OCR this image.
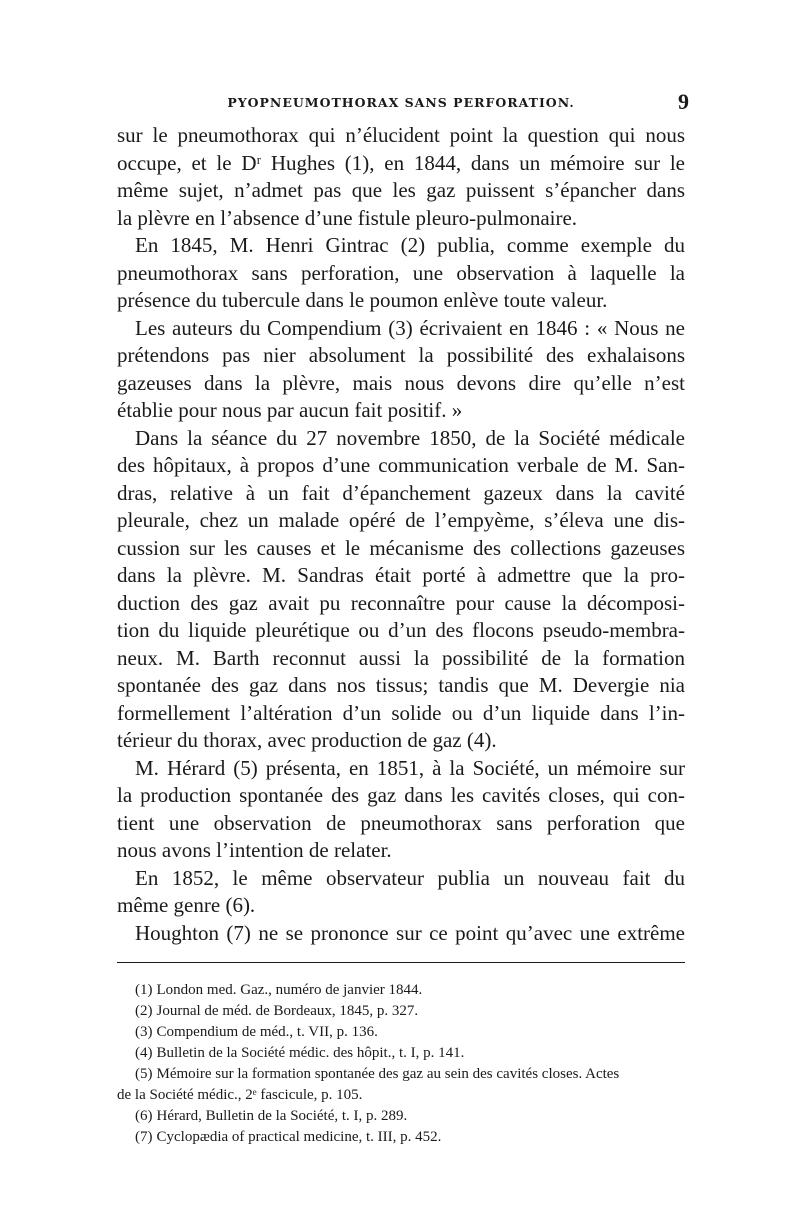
PYOPNEUMOTHORAX SANS PERFORATION.	9
sur le pneumothorax qui n’élucident point la question qui nous
occupe, et le Dʳ Hughes (1), en 1844, dans un mémoire sur le
même sujet, n’admet pas que les gaz puissent s’épancher dans
la plèvre en l’absence d’une fistule pleuro-pulmonaire.
En 1845, M. Henri Gintrac (2) publia, comme exemple du
pneumothorax sans perforation, une observation à laquelle la
présence du tubercule dans le poumon enlève toute valeur.
Les auteurs du Compendium (3) écrivaient en 1846 : « Nous ne
prétendons pas nier absolument la possibilité des exhalaisons
gazeuses dans la plèvre, mais nous devons dire qu’elle n’est
établie pour nous par aucun fait positif. »
Dans la séance du 27 novembre 1850, de la Société médicale
des hôpitaux, à propos d’une communication verbale de M. San-
dras, relative à un fait d’épanchement gazeux dans la cavité
pleurale, chez un malade opéré de l’empyème, s’éleva une dis-
cussion sur les causes et le mécanisme des collections gazeuses
dans la plèvre. M. Sandras était porté à admettre que la pro-
duction des gaz avait pu reconnaître pour cause la décomposi-
tion du liquide pleurétique ou d’un des flocons pseudo-membra-
neux. M. Barth reconnut aussi la possibilité de la formation
spontanée des gaz dans nos tissus; tandis que M. Devergie nia
formellement l’altération d’un solide ou d’un liquide dans l’in-
térieur du thorax, avec production de gaz (4).
M. Hérard (5) présenta, en 1851, à la Société, un mémoire sur
la production spontanée des gaz dans les cavités closes, qui con-
tient une observation de pneumothorax sans perforation que
nous avons l’intention de relater.
En 1852, le même observateur publia un nouveau fait du
même genre (6).
Houghton (7) ne se prononce sur ce point qu’avec une extrême
(1) London med. Gaz., numéro de janvier 1844.
(2) Journal de méd. de Bordeaux, 1845, p. 327.
(3) Compendium de méd., t. VII, p. 136.
(4) Bulletin de la Société médic. des hôpit., t. I, p. 141.
(5) Mémoire sur la formation spontanée des gaz au sein des cavités closes. Actes
de la Société médic., 2ᵉ fascicule, p. 105.
(6) Hérard, Bulletin de la Société, t. I, p. 289.
(7) Cyclopædia of practical medicine, t. III, p. 452.
